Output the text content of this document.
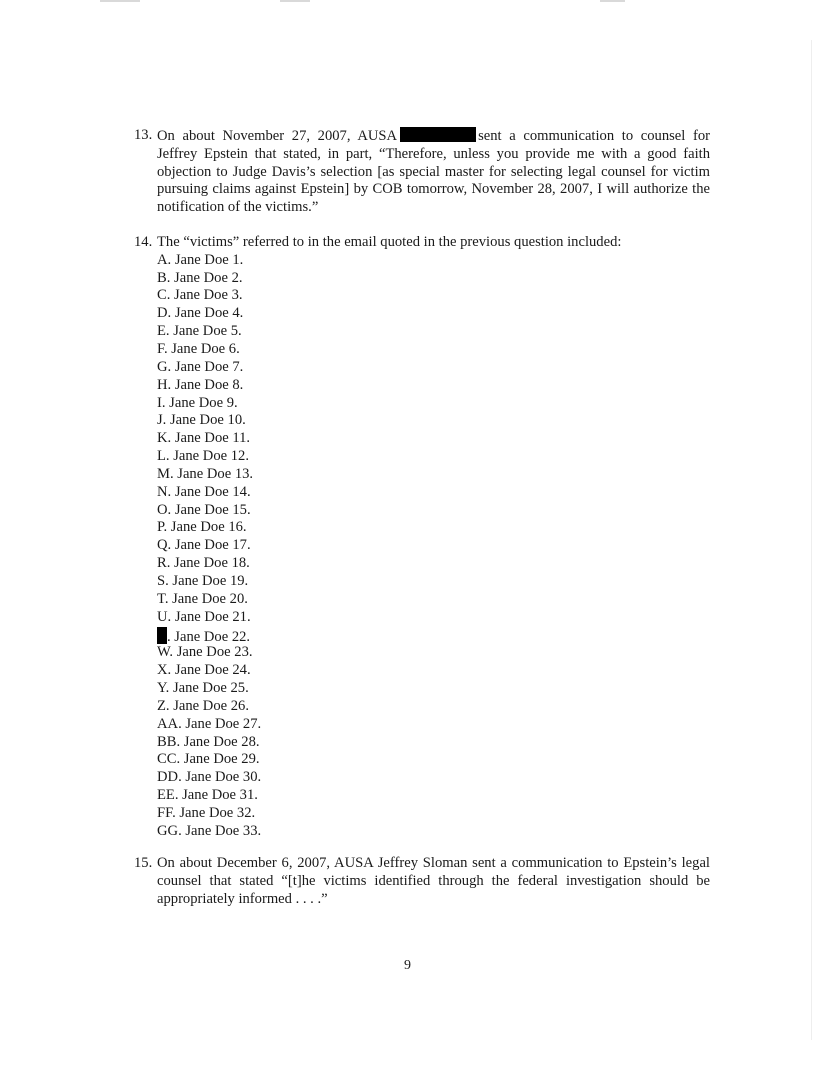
13. On about November 27, 2007, AUSA	sent a communication to counsel for Jeffrey Epstein that stated, in part, “Therefore, unless you provide me with a good faith objection to Judge Davis’s selection [as special master for selecting legal counsel for victim pursuing claims against Epstein] by COB tomorrow, November 28, 2007, I will authorize the notification of the victims.”
14. The “victims” referred to in the email quoted in the previous question included:
A. Jane Doe 1.
B. Jane Doe 2.
C. Jane Doe 3.
D. Jane Doe 4.
E. Jane Doe 5.
F. Jane Doe 6.
G. Jane Doe 7.
H. Jane Doe 8.
I. Jane Doe 9.
J. Jane Doe 10.
K. Jane Doe 11.
L. Jane Doe 12.
M. Jane Doe 13.
N. Jane Doe 14.
O. Jane Doe 15.
P. Jane Doe 16.
Q. Jane Doe 17.
R. Jane Doe 18.
S. Jane Doe 19.
T. Jane Doe 20.
U. Jane Doe 21.
. Jane Doe 22.
W. Jane Doe 23.
X. Jane Doe 24.
Y. Jane Doe 25.
Z. Jane Doe 26.
AA. Jane Doe 27.
BB. Jane Doe 28.
CC. Jane Doe 29.
DD. Jane Doe 30.
EE. Jane Doe 31.
FF. Jane Doe 32.
GG. Jane Doe 33.
15. On about December 6, 2007, AUSA Jeffrey Sloman sent a communication to Epstein’s legal counsel that stated “[t]he victims identified through the federal investigation should be appropriately informed . . . .”
9
